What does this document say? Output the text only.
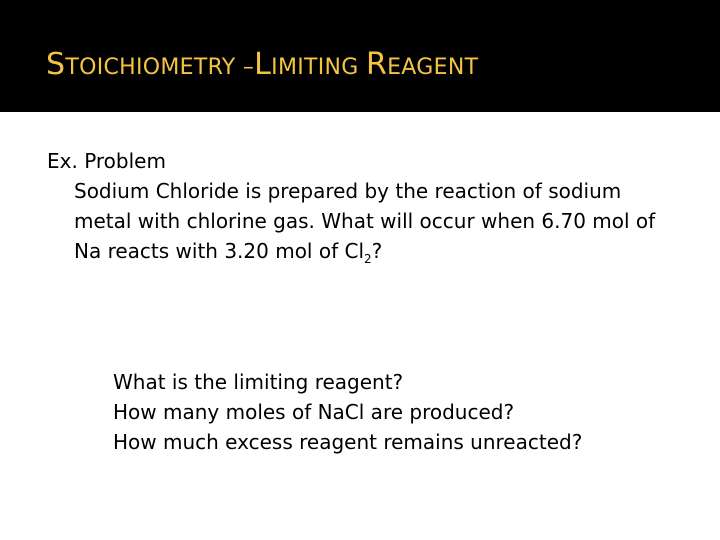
STOICHIOMETRY –LIMITING REAGENT

Ex. Problem

Sodium Chloride is prepared by the reaction of sodium metal with chlorine gas. What will occur when 6.70 mol of Na reacts with 3.20 mol of $Cl_2$?

What is the limiting reagent?
How many moles of NaCl are produced?
How much excess reagent remains unreacted?
